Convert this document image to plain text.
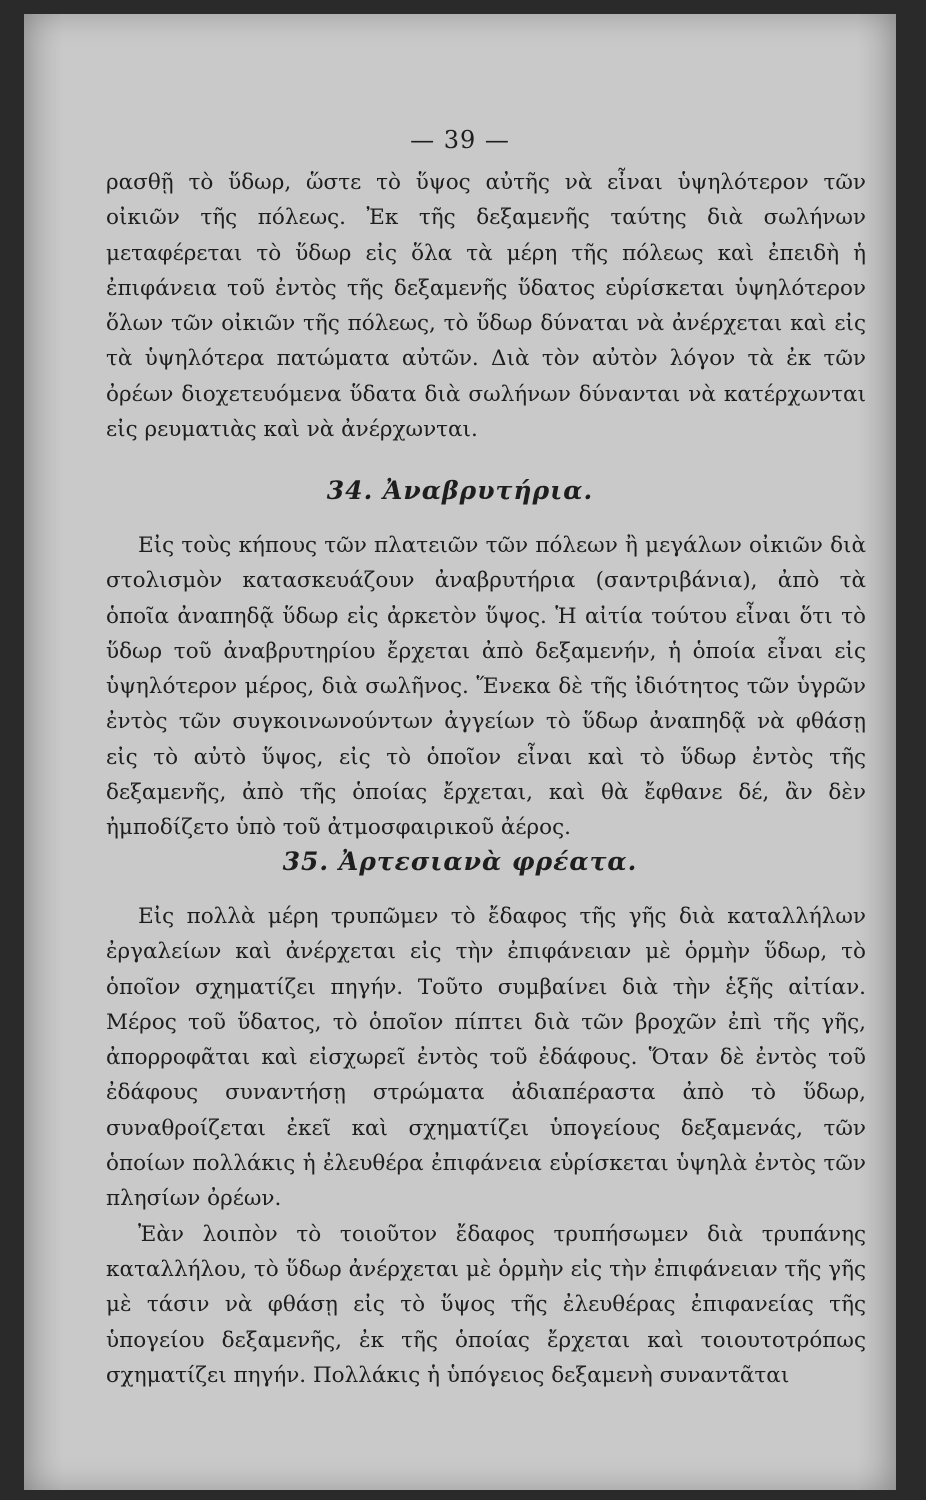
— 39 —

ρασθῇ τὸ ὕδωρ, ὥστε τὸ ὕψος αὐτῆς νὰ εἶναι ὑψηλότερον τῶν οἰκιῶν τῆς πόλεως. Ἐκ τῆς δεξαμενῆς ταύτης διὰ σωλήνων μεταφέρεται τὸ ὕδωρ εἰς ὅλα τὰ μέρη τῆς πόλεως καὶ ἐπειδὴ ἡ ἐπιφάνεια τοῦ ἐντὸς τῆς δεξαμενῆς ὕδατος εὑρίσκεται ὑψηλότερον ὅλων τῶν οἰκιῶν τῆς πόλεως, τὸ ὕδωρ δύναται νὰ ἀνέρχεται καὶ εἰς τὰ ὑψηλότερα πατώματα αὐτῶν. Διὰ τὸν αὐτὸν λόγον τὰ ἐκ τῶν ὀρέων διοχετευόμενα ὕδατα διὰ σωλήνων δύνανται νὰ κατέρχωνται εἰς ρευματιὰς καὶ νὰ ἀνέρχωνται.

34. Ἀναβρυτήρια.

Εἰς τοὺς κήπους τῶν πλατειῶν τῶν πόλεων ἢ μεγάλων οἰκιῶν διὰ στολισμὸν κατασκευάζουν ἀναβρυτήρια (σαντριβάνια), ἀπὸ τὰ ὁποῖα ἀναπηδᾷ ὕδωρ εἰς ἀρκετὸν ὕψος. Ἡ αἰτία τούτου εἶναι ὅτι τὸ ὕδωρ τοῦ ἀναβρυτηρίου ἔρχεται ἀπὸ δεξαμενήν, ἡ ὁποία εἶναι εἰς ὑψηλότερον μέρος, διὰ σωλῆνος. Ἕνεκα δὲ τῆς ἰδιότητος τῶν ὑγρῶν ἐντὸς τῶν συγκοινωνούντων ἀγγείων τὸ ὕδωρ ἀναπηδᾷ νὰ φθάσῃ εἰς τὸ αὐτὸ ὕψος, εἰς τὸ ὁποῖον εἶναι καὶ τὸ ὕδωρ ἐντὸς τῆς δεξαμενῆς, ἀπὸ τῆς ὁποίας ἔρχεται, καὶ θὰ ἔφθανε δέ, ἂν δὲν ἠμποδίζετο ὑπὸ τοῦ ἀτμοσφαιρικοῦ ἀέρος.

35. Ἀρτεσιανὰ φρέατα.

Εἰς πολλὰ μέρη τρυπῶμεν τὸ ἔδαφος τῆς γῆς διὰ καταλλήλων ἐργαλείων καὶ ἀνέρχεται εἰς τὴν ἐπιφάνειαν μὲ ὁρμὴν ὕδωρ, τὸ ὁποῖον σχηματίζει πηγήν. Τοῦτο συμβαίνει διὰ τὴν ἑξῆς αἰτίαν. Μέρος τοῦ ὕδατος, τὸ ὁποῖον πίπτει διὰ τῶν βροχῶν ἐπὶ τῆς γῆς, ἀπορροφᾶται καὶ εἰσχωρεῖ ἐντὸς τοῦ ἐδάφους. Ὅταν δὲ ἐντὸς τοῦ ἐδάφους συναντήσῃ στρώματα ἀδιαπέραστα ἀπὸ τὸ ὕδωρ, συναθροίζεται ἐκεῖ καὶ σχηματίζει ὑπογείους δεξαμενάς, τῶν ὁποίων πολλάκις ἡ ἐλευθέρα ἐπιφάνεια εὑρίσκεται ὑψηλὰ ἐντὸς τῶν πλησίων ὀρέων.

Ἐὰν λοιπὸν τὸ τοιοῦτον ἔδαφος τρυπήσωμεν διὰ τρυπάνης καταλλήλου, τὸ ὕδωρ ἀνέρχεται μὲ ὁρμὴν εἰς τὴν ἐπιφάνειαν τῆς γῆς μὲ τάσιν νὰ φθάσῃ εἰς τὸ ὕψος τῆς ἐλευθέρας ἐπιφανείας τῆς ὑπογείου δεξαμενῆς, ἐκ τῆς ὁποίας ἔρχεται καὶ τοιουτοτρόπως σχηματίζει πηγήν. Πολλάκις ἡ ὑπόγειος δεξαμενὴ συναντᾶται
